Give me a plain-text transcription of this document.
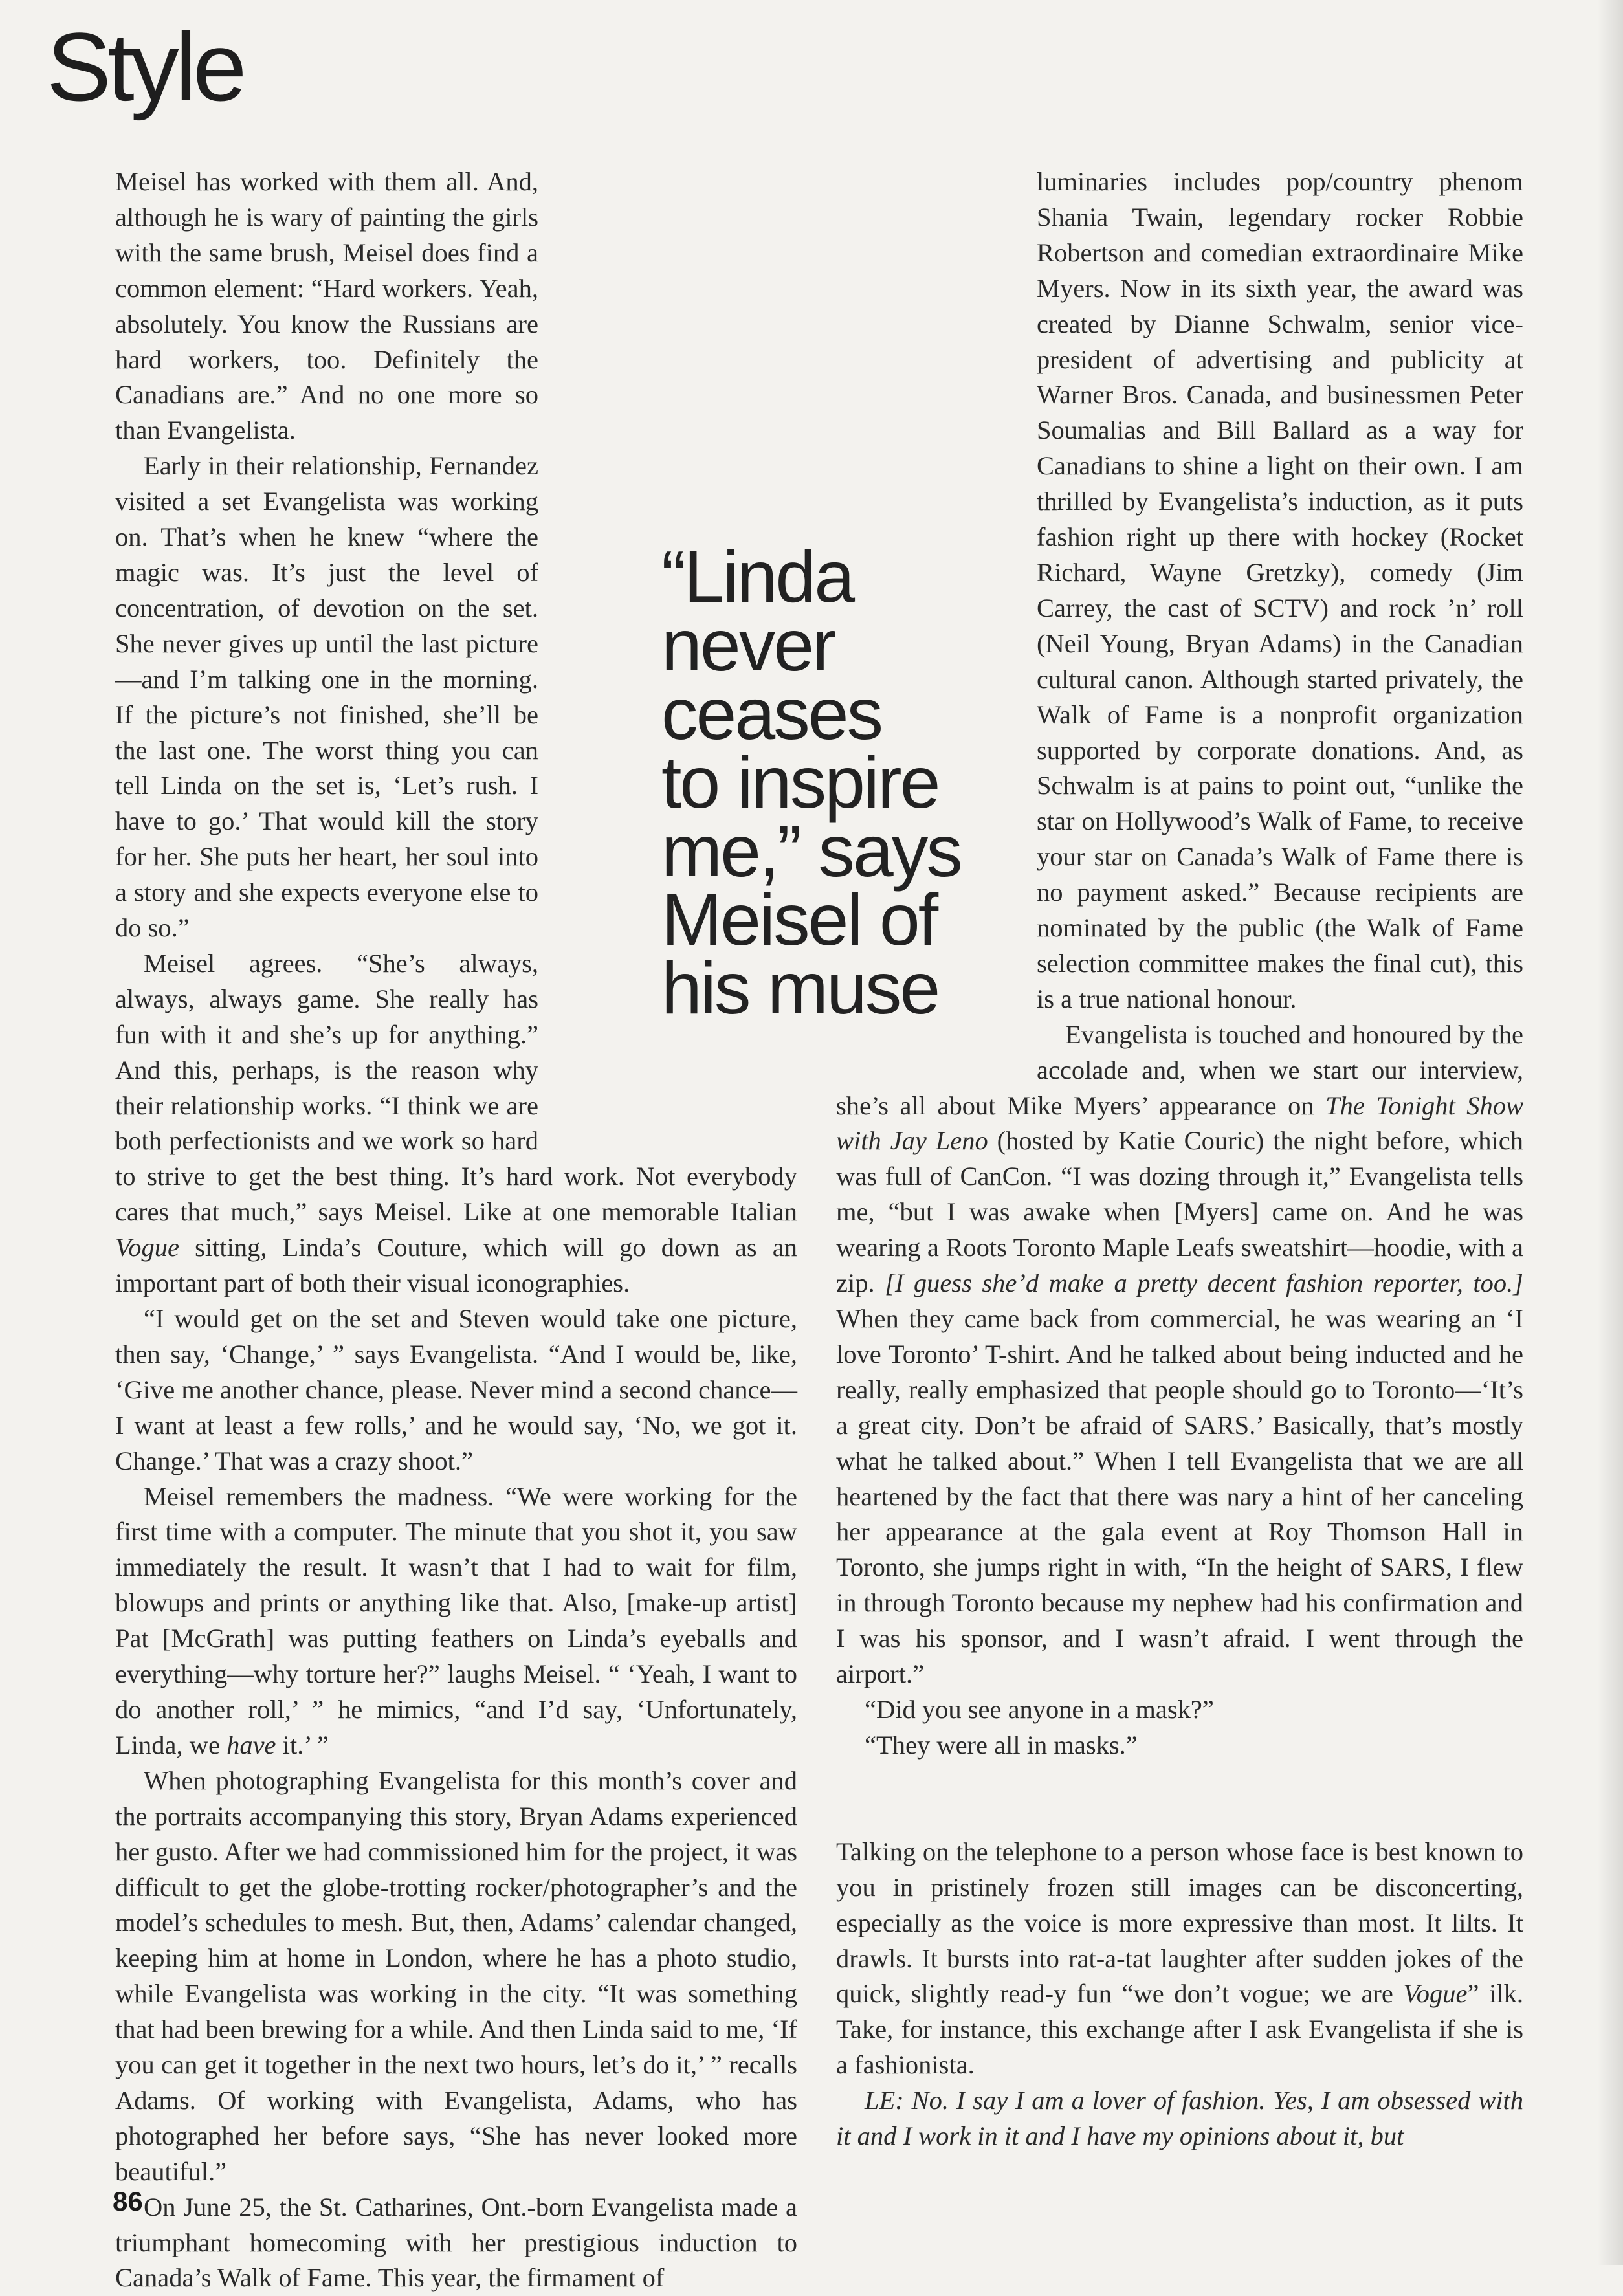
Style

“Linda
never
ceases
to inspire
me,” says
Meisel of
his muse

Meisel has worked with them all. And, although he is wary of painting the girls with the same brush, Meisel does find a common element: “Hard workers. Yeah, absolutely. You know the Russians are hard workers, too. Definitely the Canadians are.” And no one more so than Evangelista.

Early in their relationship, Fernandez visited a set Evangelista was working on. That’s when he knew “where the magic was. It’s just the level of concentration, of devotion on the set. She never gives up until the last picture—and I’m talking one in the morning. If the picture’s not finished, she’ll be the last one. The worst thing you can tell Linda on the set is, ‘Let’s rush. I have to go.’ That would kill the story for her. She puts her heart, her soul into a story and she expects everyone else to do so.”

Meisel agrees. “She’s always, always, always game. She really has fun with it and she’s up for anything.” And this, perhaps, is the reason why their relationship works. “I think we are both perfectionists and we work so hard to strive to get the best thing. It’s hard work. Not everybody cares that much,” says Meisel. Like at one memorable Italian Vogue sitting, Linda’s Couture, which will go down as an important part of both their visual iconographies.

“I would get on the set and Steven would take one picture, then say, ‘Change,’ ” says Evangelista. “And I would be, like, ‘Give me another chance, please. Never mind a second chance—I want at least a few rolls,’ and he would say, ‘No, we got it. Change.’ That was a crazy shoot.”

Meisel remembers the madness. “We were working for the first time with a computer. The minute that you shot it, you saw immediately the result. It wasn’t that I had to wait for film, blowups and prints or anything like that. Also, [make-up artist] Pat [McGrath] was putting feathers on Linda’s eyeballs and everything—why torture her?” laughs Meisel. “ ‘Yeah, I want to do another roll,’ ” he mimics, “and I’d say, ‘Unfortunately, Linda, we have it.’ ”

When photographing Evangelista for this month’s cover and the portraits accompanying this story, Bryan Adams experienced her gusto. After we had commissioned him for the project, it was difficult to get the globe-trotting rocker/photographer’s and the model’s schedules to mesh. But, then, Adams’ calendar changed, keeping him at home in London, where he has a photo studio, while Evangelista was working in the city. “It was something that had been brewing for a while. And then Linda said to me, ‘If you can get it together in the next two hours, let’s do it,’ ” recalls Adams. Of working with Evangelista, Adams, who has photographed her before says, “She has never looked more beautiful.”

On June 25, the St. Catharines, Ont.-born Evangelista made a triumphant homecoming with her prestigious induction to Canada’s Walk of Fame. This year, the firmament of

luminaries includes pop/country phenom Shania Twain, legendary rocker Robbie Robertson and comedian extraordinaire Mike Myers. Now in its sixth year, the award was created by Dianne Schwalm, senior vice-president of advertising and publicity at Warner Bros. Canada, and businessmen Peter Soumalias and Bill Ballard as a way for Canadians to shine a light on their own. I am thrilled by Evangelista’s induction, as it puts fashion right up there with hockey (Rocket Richard, Wayne Gretzky), comedy (Jim Carrey, the cast of SCTV) and rock ’n’ roll (Neil Young, Bryan Adams) in the Canadian cultural canon. Although started privately, the Walk of Fame is a nonprofit organization supported by corporate donations. And, as Schwalm is at pains to point out, “unlike the star on Hollywood’s Walk of Fame, to receive your star on Canada’s Walk of Fame there is no payment asked.” Because recipients are nominated by the public (the Walk of Fame selection committee makes the final cut), this is a true national honour.

Evangelista is touched and honoured by the accolade and, when we start our interview, she’s all about Mike Myers’ appearance on The Tonight Show with Jay Leno (hosted by Katie Couric) the night before, which was full of CanCon. “I was dozing through it,” Evangelista tells me, “but I was awake when [Myers] came on. And he was wearing a Roots Toronto Maple Leafs sweatshirt—hoodie, with a zip. [I guess she’d make a pretty decent fashion reporter, too.] When they came back from commercial, he was wearing an ‘I love Toronto’ T-shirt. And he talked about being inducted and he really, really emphasized that people should go to Toronto—‘It’s a great city. Don’t be afraid of SARS.’ Basically, that’s mostly what he talked about.” When I tell Evangelista that we are all heartened by the fact that there was nary a hint of her canceling her appearance at the gala event at Roy Thomson Hall in Toronto, she jumps right in with, “In the height of SARS, I flew in through Toronto because my nephew had his confirmation and I was his sponsor, and I wasn’t afraid. I went through the airport.”

“Did you see anyone in a mask?”

“They were all in masks.”

Talking on the telephone to a person whose face is best known to you in pristinely frozen still images can be disconcerting, especially as the voice is more expressive than most. It lilts. It drawls. It bursts into rat-a-tat laughter after sudden jokes of the quick, slightly read-y fun “we don’t vogue; we are Vogue” ilk. Take, for instance, this exchange after I ask Evangelista if she is a fashionista.

LE: No. I say I am a lover of fashion. Yes, I am obsessed with it and I work in it and I have my opinions about it, but

86
